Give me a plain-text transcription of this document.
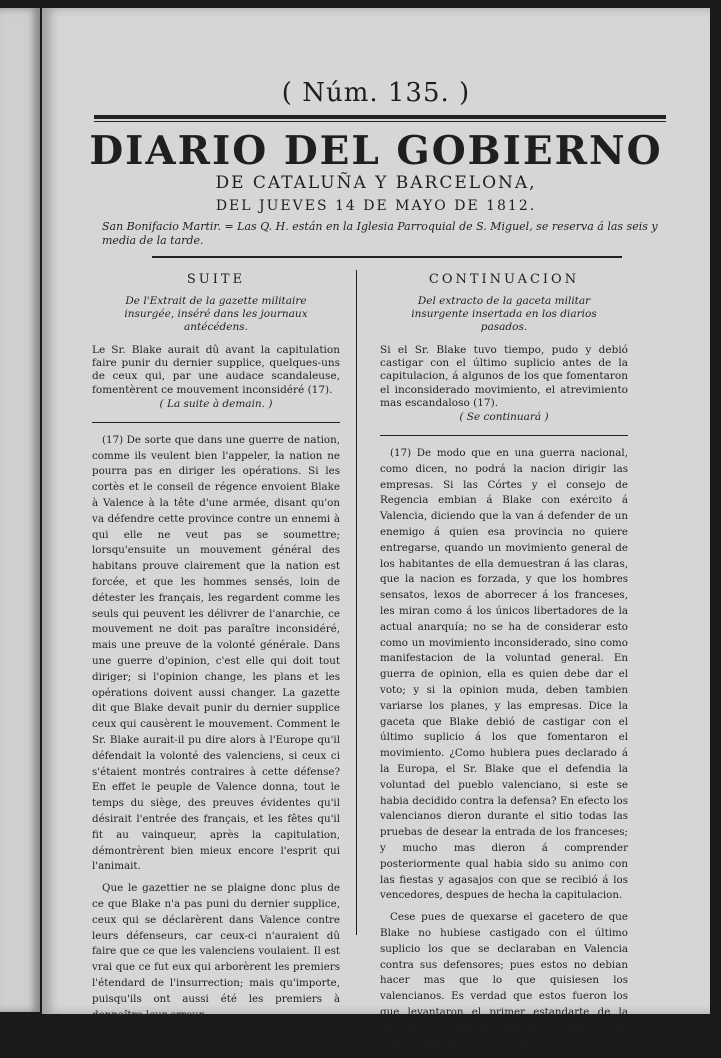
( Núm. 135. )
DIARIO DEL GOBIERNO
DE CATALUÑA Y BARCELONA,
DEL JUEVES 14 DE MAYO DE 1812.
San Bonifacio Martir. = Las Q. H. están en la Iglesia Parroquial de S. Miguel, se reserva á las seis y media de la tarde.
SUITE
De l'Extrait de la gazette militaire insurgée, inséré dans les journaux antécédens.
Le Sr. Blake aurait dû avant la capitulation faire punir du dernier supplice, quelques-uns de ceux qui, par une audace scandaleuse, fomentèrent ce mouvement inconsidéré (17).
( La suite à demain. )

(17) De sorte que dans une guerre de nation, comme ils veulent bien l'appeler, la nation ne pourra pas en diriger les opérations. Si les cortès et le conseil de régence envoient Blake à Valence à la tête d'une armée, disant qu'on va défendre cette province contre un ennemi à qui elle ne veut pas se soumettre; lorsqu'ensuite un mouvement général des habitans prouve clairement que la nation est forcée, et que les hommes sensés, loin de détester les français, les regardent comme les seuls qui peuvent les délivrer de l'anarchie, ce mouvement ne doit pas paraître inconsidéré, mais une preuve de la volonté générale. Dans une guerre d'opinion, c'est elle qui doit tout diriger; si l'opinion change, les plans et les opérations doivent aussi changer. La gazette dit que Blake devait punir du dernier supplice ceux qui causèrent le mouvement. Comment le Sr. Blake aurait-il pu dire alors à l'Europe qu'il défendait la volonté des valenciens, si ceux ci s'étaient montrés contraires à cette défense? En effet le peuple de Valence donna, tout le temps du siège, des preuves évidentes qu'il désirait l'entrée des français, et les fêtes qu'il fit au vainqueur, après la capitulation, démontrèrent bien mieux encore l'esprit qui l'animait.

Que le gazettier ne se plaigne donc plus de ce que Blake n'a pas puni du dernier supplice, ceux qui se déclarèrent dans Valence contre leurs défenseurs, car ceux-ci n'auraient dû faire que ce que les valenciens voulaient. Il est vrai que ce fut eux qui arborèrent les premiers l'étendard de l'insurrection; mais qu'importe, puisqu'ils ont aussi été les premiers à donnaître leur erreur

CONTINUACION
Del extracto de la gaceta militar insurgente insertada en los diarios pasados.
Si el Sr. Blake tuvo tiempo, pudo y debió castigar con el último suplicio antes de la capitulacion, á algunos de los que fomentaron el inconsiderado movimiento, el atrevimiento mas escandaloso (17).
( Se continuará )

(17) De modo que en una guerra nacional, como dicen, no podrá la nacion dirigir las empresas. Si las Córtes y el consejo de Regencia embian á Blake con exército á Valencia, diciendo que la van á defender de un enemigo á quien esa provincia no quiere entregarse, quando un movimiento general de los habitantes de ella demuestran á las claras, que la nacion es forzada, y que los hombres sensatos, lexos de aborrecer á los franceses, les miran como á los únicos libertadores de la actual anarquía; no se ha de considerar esto como un movimiento inconsiderado, sino como manifestacion de la voluntad general. En guerra de opinion, ella es quien debe dar el voto; y si la opinion muda, deben tambien variarse los planes, y las empresas. Dice la gaceta que Blake debió de castigar con el último suplicio á los que fomentaron el movimiento. ¿Como hubiera pues declarado á la Europa, el Sr. Blake que el defendia la voluntad del pueblo valenciano, si este se habia decidido contra la defensa? En efecto los valencianos dieron durante el sitio todas las pruebas de desear la entrada de los franceses; y mucho mas dieron á comprender posteriormente qual habia sido su animo con las fiestas y agasajos con que se recibió á los vencedores, despues de hecha la capitulacion.

Cese pues de quexarse el gacetero de que Blake no hubiese castigado con el último suplicio los que se declaraban en Valencia contra sus defensores; pues estos no debian hacer mas que lo que quisiesen los valencianos. Es verdad que estos fueron los que levantaron el primer estandarte de la insurreccion; mas que importa, si tambien han sido los primeros en conocer
